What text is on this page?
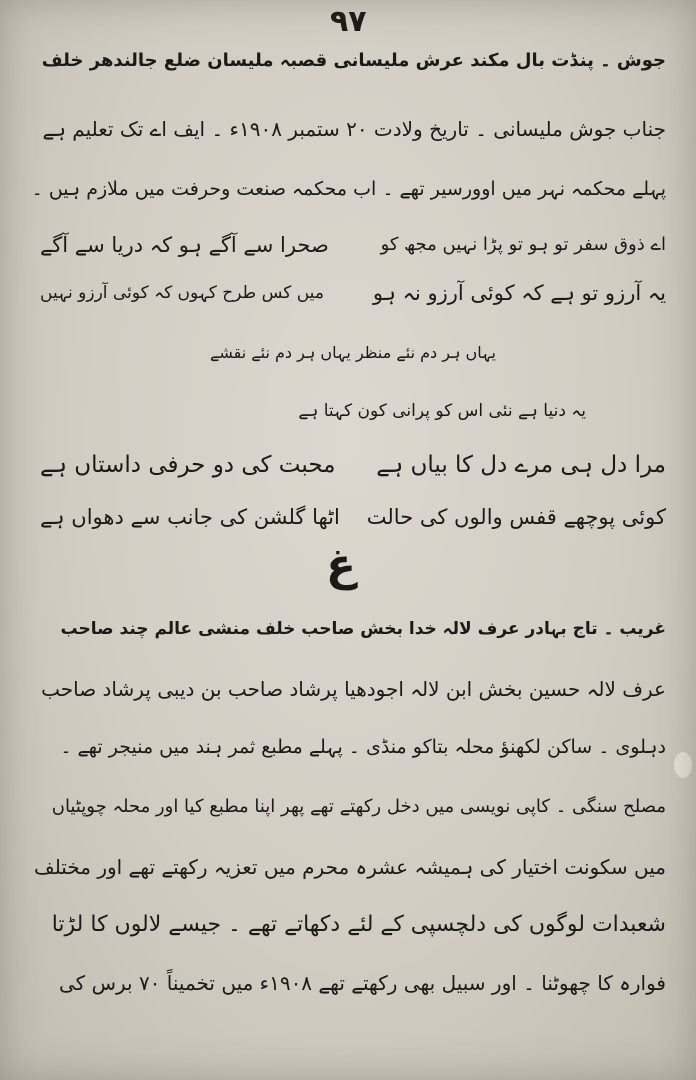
۹۷
جوش ۔ پنڈت بال مکند عرش ملیسانی قصبہ ملیسان ضلع جالندھر خلف
جناب جوش ملیسانی ۔ تاریخ ولادت ۲۰ ستمبر ۱۹۰۸ء ۔ ایف اے تک تعلیم ہے
پہلے محکمہ نہر میں اوورسیر تھے ۔ اب محکمہ صنعت وحرفت میں ملازم ہیں ۔
اے ذوق سفر تو ہو تو پڑا نہیں مجھ کو
صحرا سے آگے ہو کہ دریا سے آگے
یہ آرزو تو ہے کہ کوئی آرزو نہ ہو
میں کس طرح کہوں کہ کوئی آرزو نہیں
یہاں ہر دم نئے منظر یہاں ہر دم نئے نقشے
یہ دنیا ہے نئی اس کو پرانی کون کہتا ہے
مرا دل ہی مرے دل کا بیاں ہے
محبت کی دو حرفی داستاں ہے
کوئی پوچھے قفس والوں کی حالت
اٹھا گلشن کی جانب سے دھواں ہے
غ
غریب ۔ تاج بہادر عرف لالہ خدا بخش صاحب خلف منشی عالم چند صاحب
عرف لالہ حسین بخش ابن لالہ اجودھیا پرشاد صاحب بن دیبی پرشاد صاحب
دہلوی ۔ ساکن لکھنؤ محلہ بتاکو منڈی ۔ پہلے مطبع ثمر ہند میں منیجر تھے ۔
مصلح سنگی ۔ کاپی نویسی میں دخل رکھتے تھے پھر اپنا مطبع کیا اور محلہ چوپٹیاں
میں سکونت اختیار کی ہمیشہ عشرہ محرم میں تعزیہ رکھتے تھے اور مختلف
شعبدات لوگوں کی دلچسپی کے لئے دکھاتے تھے ۔ جیسے لالوں کا لڑتا
فوارہ کا چھوٹنا ۔ اور سبیل بھی رکھتے تھے ۱۹۰۸ء میں تخمیناً ۷۰ برس کی
